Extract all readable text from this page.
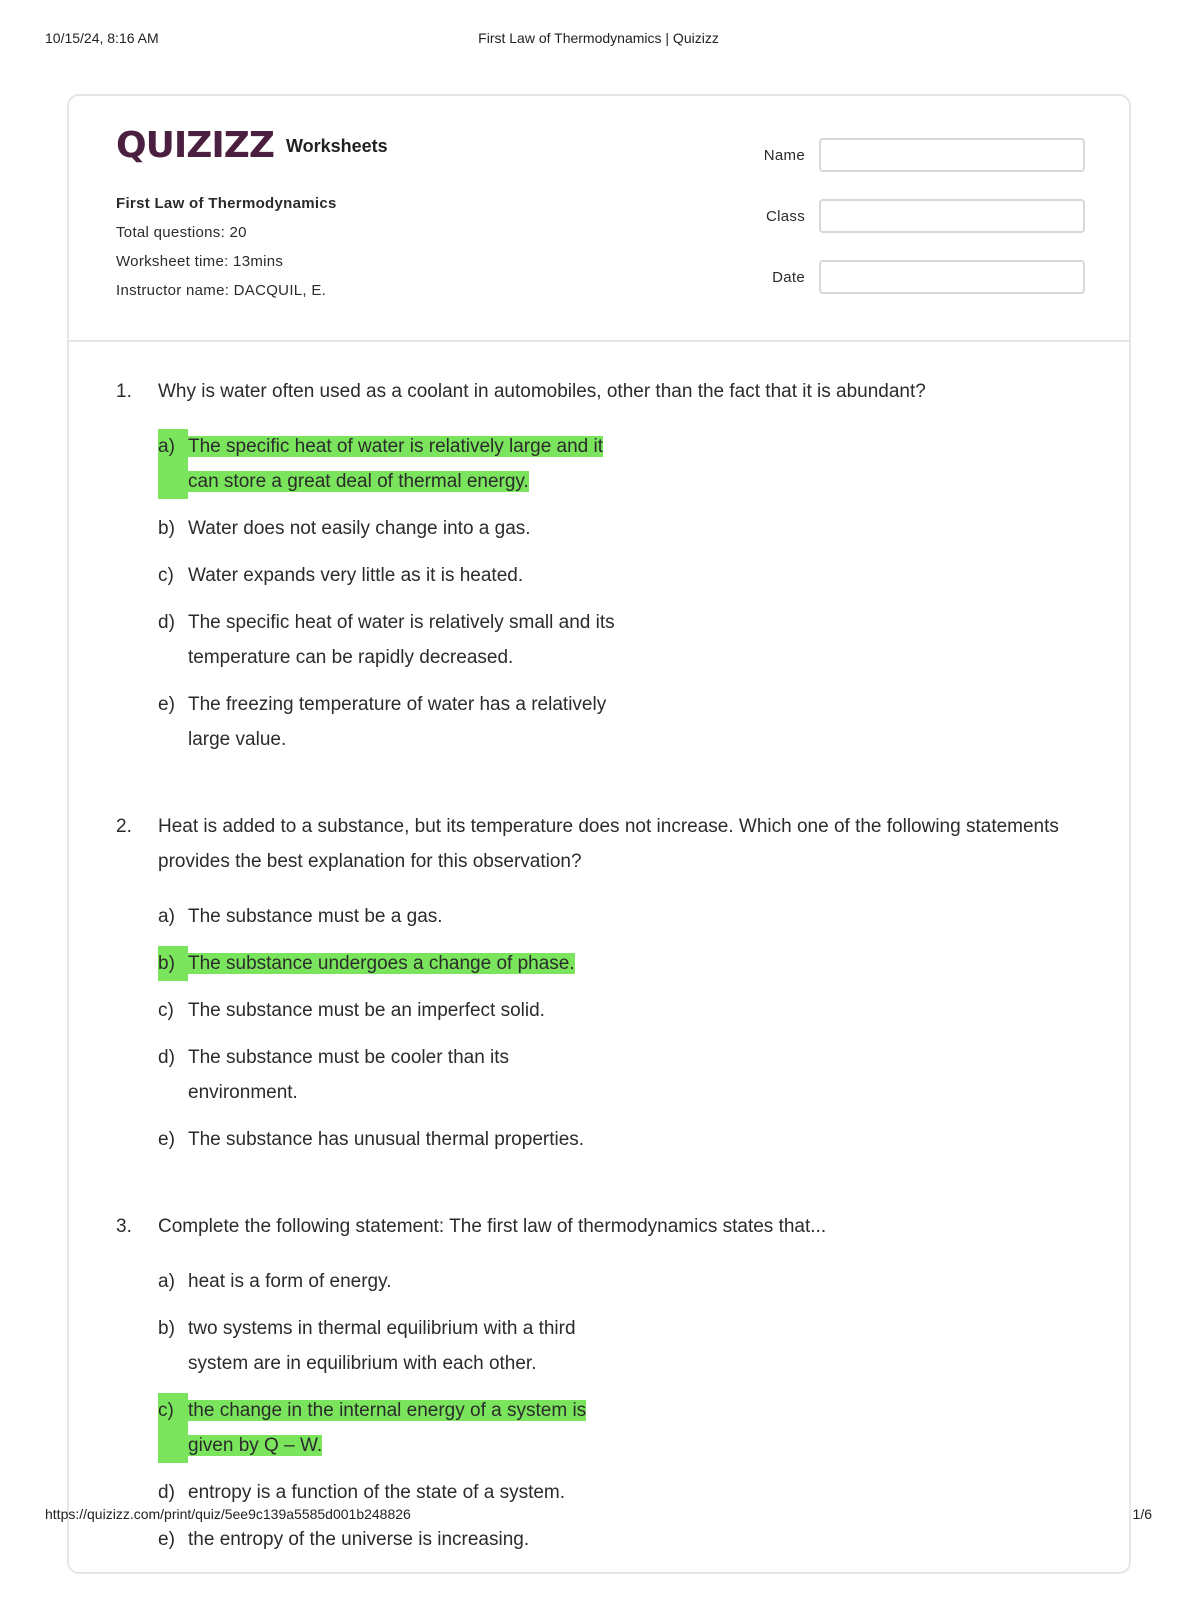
10/15/24, 8:16 AM	First Law of Thermodynamics | Quizizz
QUIZIZZ Worksheets
First Law of Thermodynamics
Total questions: 20
Worksheet time: 13mins
Instructor name: DACQUIL, E.
Name
Class
Date
1.	Why is water often used as a coolant in automobiles, other than the fact that it is abundant?
a) The specific heat of water is relatively large and it can store a great deal of thermal energy.
b) Water does not easily change into a gas.
c) Water expands very little as it is heated.
d) The specific heat of water is relatively small and its temperature can be rapidly decreased.
e) The freezing temperature of water has a relatively large value.
2.	Heat is added to a substance, but its temperature does not increase. Which one of the following statements provides the best explanation for this observation?
a) The substance must be a gas.
b) The substance undergoes a change of phase.
c) The substance must be an imperfect solid.
d) The substance must be cooler than its environment.
e) The substance has unusual thermal properties.
3.	Complete the following statement: The first law of thermodynamics states that...
a) heat is a form of energy.
b) two systems in thermal equilibrium with a third system are in equilibrium with each other.
c) the change in the internal energy of a system is given by Q – W.
d) entropy is a function of the state of a system.
e) the entropy of the universe is increasing.
https://quizizz.com/print/quiz/5ee9c139a5585d001b248826	1/6
